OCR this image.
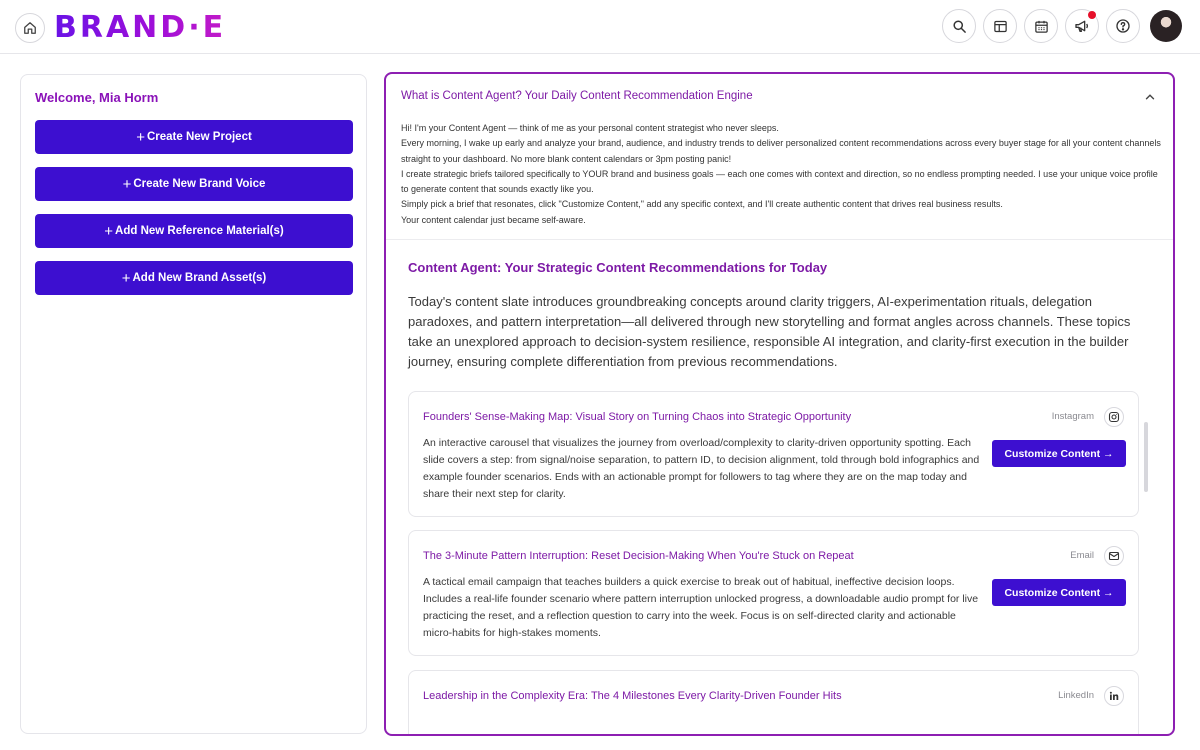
BRAND·E
Welcome, Mia Horm
+ Create New Project
+ Create New Brand Voice
+ Add New Reference Material(s)
+ Add New Brand Asset(s)
What is Content Agent? Your Daily Content Recommendation Engine
Hi! I'm your Content Agent — think of me as your personal content strategist who never sleeps.
Every morning, I wake up early and analyze your brand, audience, and industry trends to deliver personalized content recommendations across every buyer stage for all your content channels straight to your dashboard. No more blank content calendars or 3pm posting panic!
I create strategic briefs tailored specifically to YOUR brand and business goals — each one comes with context and direction, so no endless prompting needed. I use your unique voice profile to generate content that sounds exactly like you.
Simply pick a brief that resonates, click "Customize Content," add any specific context, and I'll create authentic content that drives real business results.
Your content calendar just became self-aware.
Content Agent: Your Strategic Content Recommendations for Today
Today's content slate introduces groundbreaking concepts around clarity triggers, AI-experimentation rituals, delegation paradoxes, and pattern interpretation—all delivered through new storytelling and format angles across channels. These topics take an unexplored approach to decision-system resilience, responsible AI integration, and clarity-first execution in the builder journey, ensuring complete differentiation from previous recommendations.
Founders' Sense-Making Map: Visual Story on Turning Chaos into Strategic Opportunity	Instagram
An interactive carousel that visualizes the journey from overload/complexity to clarity-driven opportunity spotting. Each slide covers a step: from signal/noise separation, to pattern ID, to decision alignment, told through bold infographics and example founder scenarios. Ends with an actionable prompt for followers to tag where they are on the map today and share their next step for clarity.
Customize Content →
The 3-Minute Pattern Interruption: Reset Decision-Making When You're Stuck on Repeat	Email
A tactical email campaign that teaches builders a quick exercise to break out of habitual, ineffective decision loops. Includes a real-life founder scenario where pattern interruption unlocked progress, a downloadable audio prompt for live practicing the reset, and a reflection question to carry into the week. Focus is on self-directed clarity and actionable micro-habits for high-stakes moments.
Customize Content →
Leadership in the Complexity Era: The 4 Milestones Every Clarity-Driven Founder Hits	LinkedIn
